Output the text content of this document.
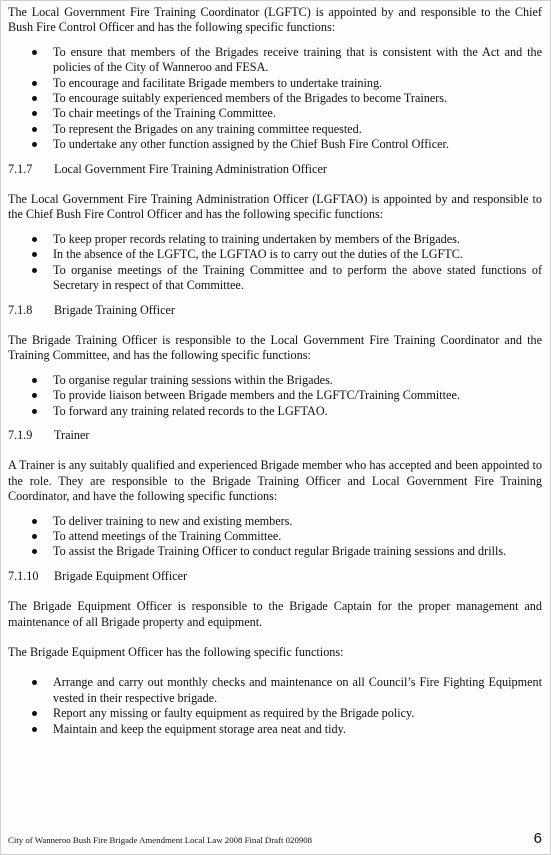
The Local Government Fire Training Coordinator (LGFTC) is appointed by and responsible to the Chief Bush Fire Control Officer and has the following specific functions:

To ensure that members of the Brigades receive training that is consistent with the Act and the policies of the City of Wanneroo and FESA.
To encourage and facilitate Brigade members to undertake training.
To encourage suitably experienced members of the Brigades to become Trainers.
To chair meetings of the Training Committee.
To represent the Brigades on any training committee requested.
To undertake any other function assigned by the Chief Bush Fire Control Officer.
7.1.7	Local Government Fire Training Administration Officer

The Local Government Fire Training Administration Officer (LGFTAO) is appointed by and responsible to the Chief Bush Fire Control Officer and has the following specific functions:

To keep proper records relating to training undertaken by members of the Brigades.
In the absence of the LGFTC, the LGFTAO is to carry out the duties of the LGFTC.
To organise meetings of the Training Committee and to perform the above stated functions of Secretary in respect of that Committee.
7.1.8	Brigade Training Officer

The Brigade Training Officer is responsible to the Local Government Fire Training Coordinator and the Training Committee, and has the following specific functions:

To organise regular training sessions within the Brigades.
To provide liaison between Brigade members and the LGFTC/Training Committee.
To forward any training related records to the LGFTAO.
7.1.9	Trainer

A Trainer is any suitably qualified and experienced Brigade member who has accepted and been appointed to the role. They are responsible to the Brigade Training Officer and Local Government Fire Training Coordinator, and have the following specific functions:

To deliver training to new and existing members.
To attend meetings of the Training Committee.
To assist the Brigade Training Officer to conduct regular Brigade training sessions and drills.
7.1.10	Brigade Equipment Officer

The Brigade Equipment Officer is responsible to the Brigade Captain for the proper management and maintenance of all Brigade property and equipment.

The Brigade Equipment Officer has the following specific functions:

Arrange and carry out monthly checks and maintenance on all Council’s Fire Fighting Equipment vested in their respective brigade.
Report any missing or faulty equipment as required by the Brigade policy.
Maintain and keep the equipment storage area neat and tidy.
City of Wanneroo Bush Fire Brigade Amendment Local Law 2008 Final Draft 020908	6
